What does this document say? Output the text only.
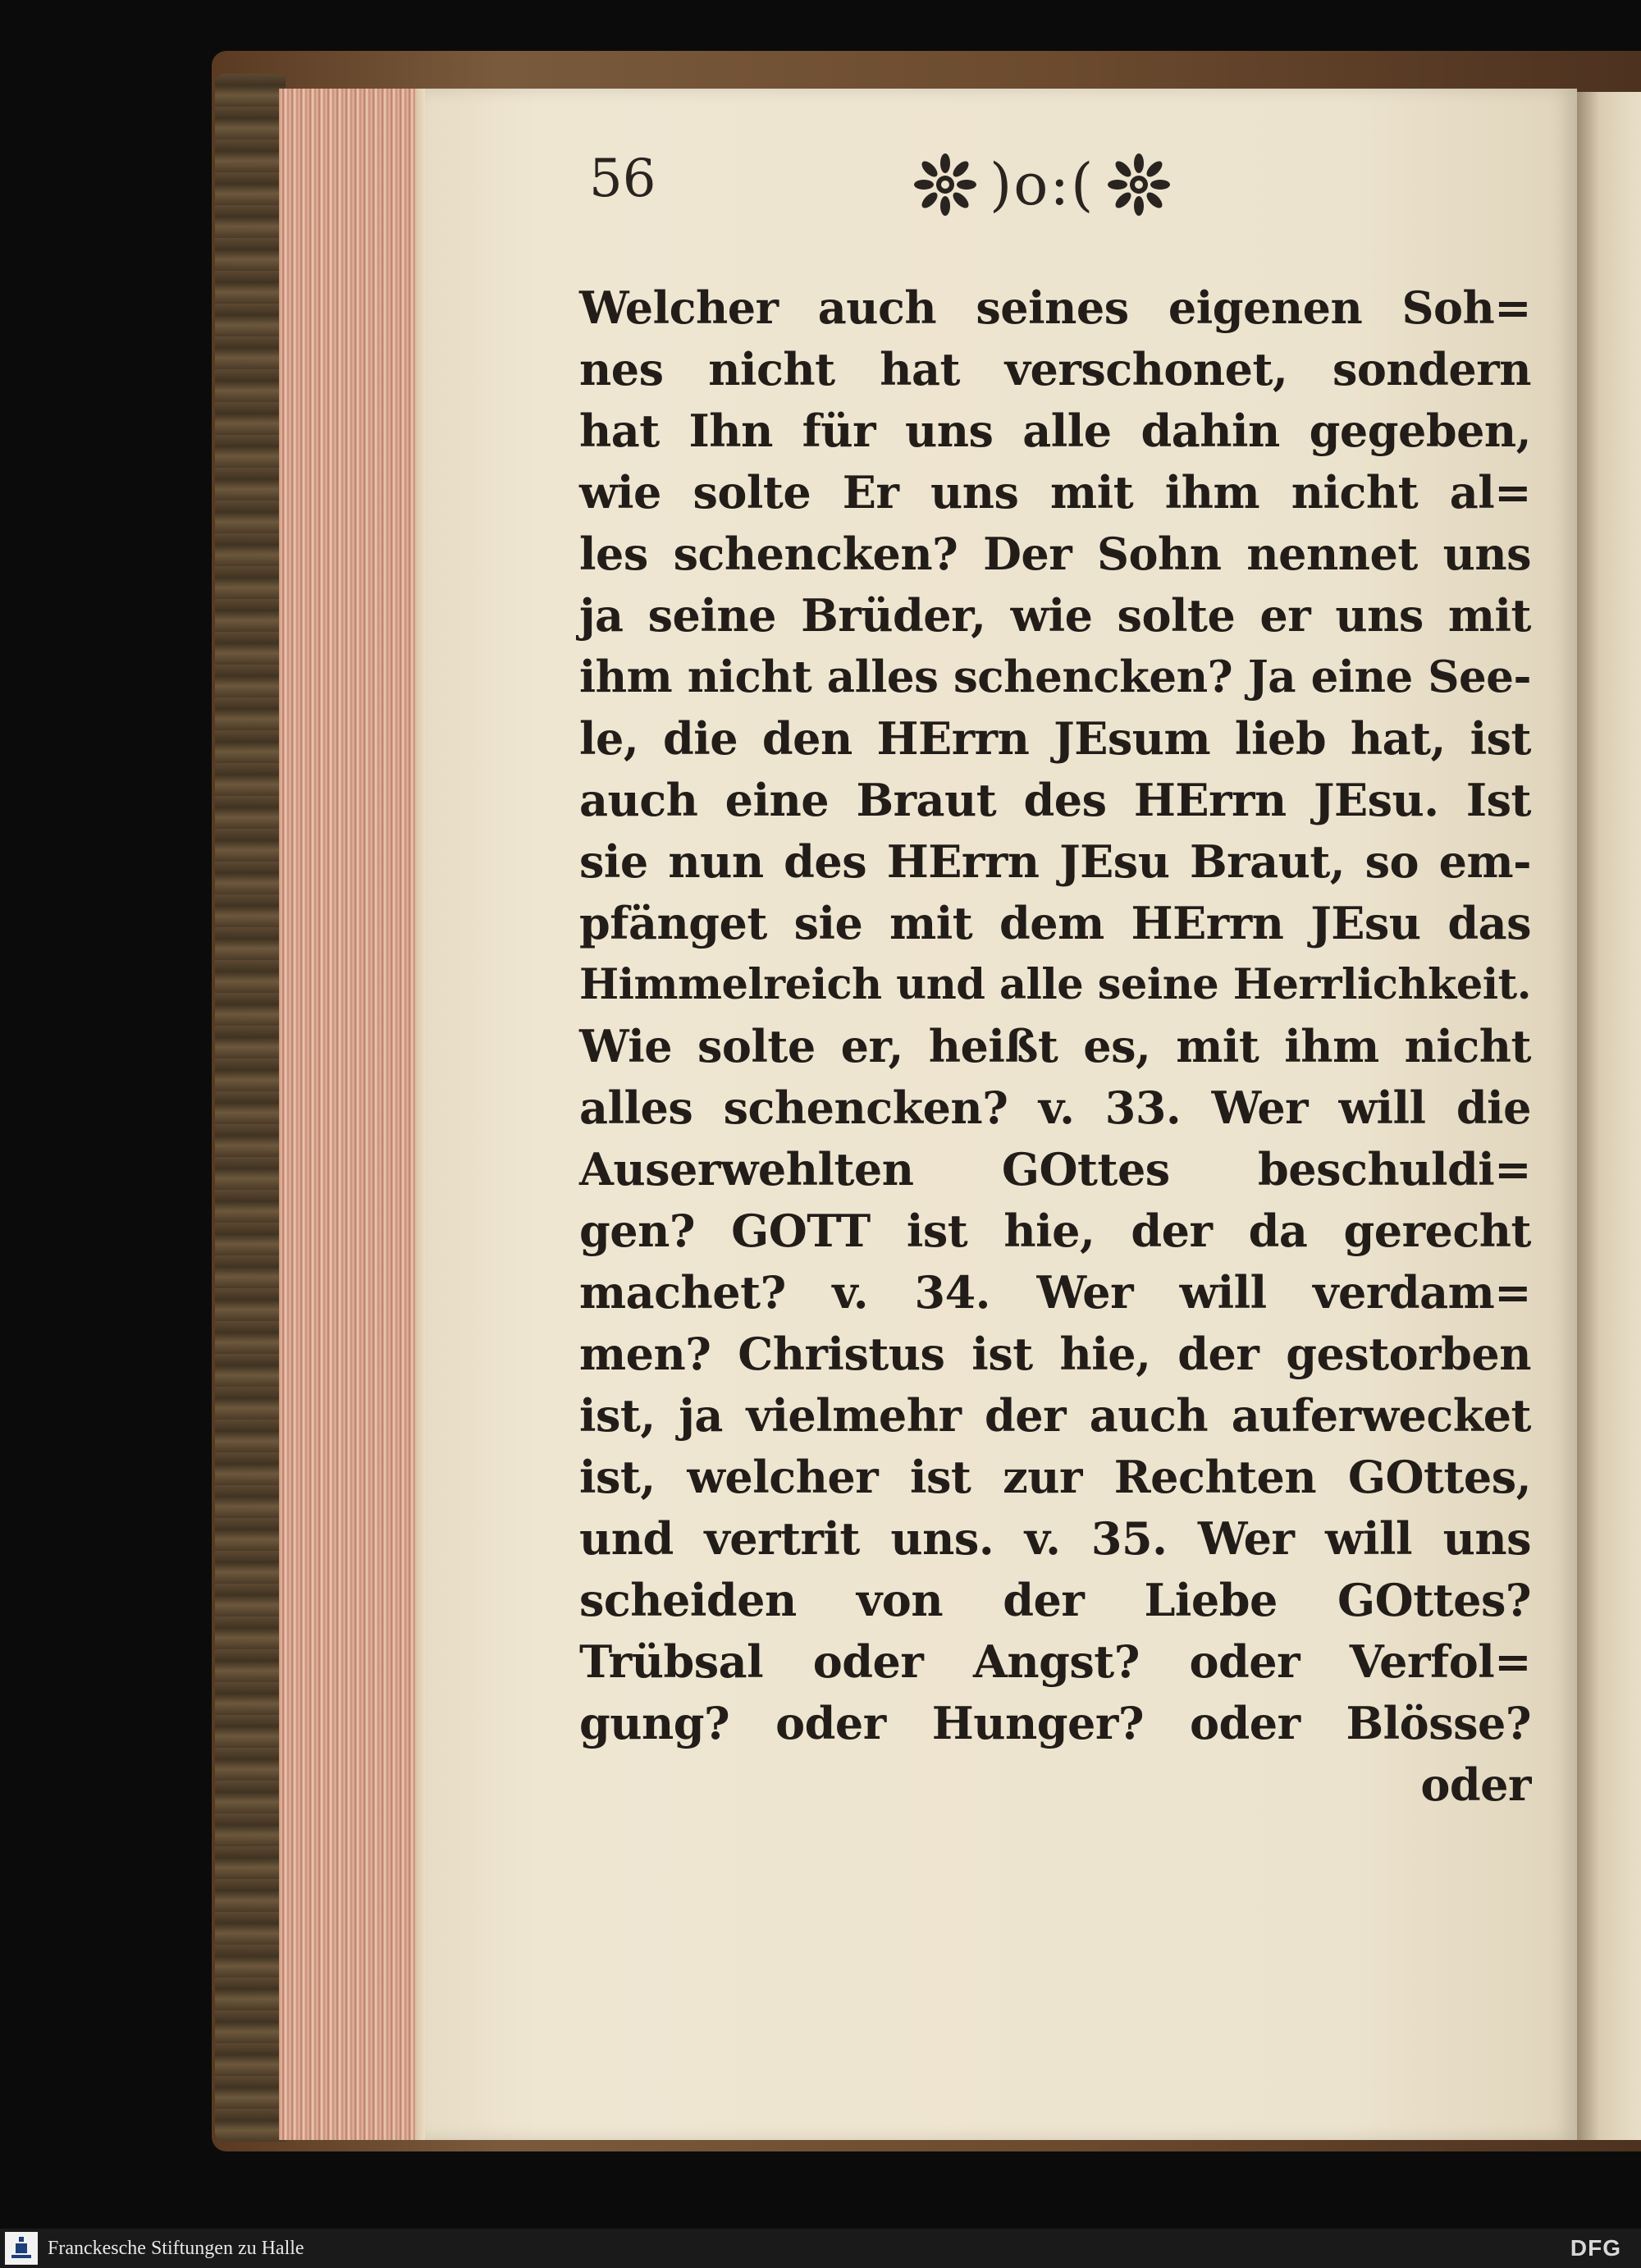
56	)o:(
Welcher auch seines eigenen Soh=
nes nicht hat verschonet, sondern
hat Ihn für uns alle dahin gegeben,
wie solte Er uns mit ihm nicht al=
les schencken? Der Sohn nennet uns
ja seine Brüder, wie solte er uns mit
ihm nicht alles schencken? Ja eine See-
le, die den HErrn JEsum lieb hat, ist
auch eine Braut des HErrn JEsu. Ist
sie nun des HErrn JEsu Braut, so em-
pfänget sie mit dem HErrn JEsu das
Himmelreich und alle seine Herrlichkeit.
Wie solte er, heißt es, mit ihm nicht
alles schencken? v. 33. Wer will die
Auserwehlten GOttes beschuldi=
gen? GOTT ist hie, der da gerecht
machet? v. 34. Wer will verdam=
men? Christus ist hie, der gestorben
ist, ja vielmehr der auch auferwecket
ist, welcher ist zur Rechten GOttes,
und vertrit uns. v. 35. Wer will uns
scheiden von der Liebe GOttes?
Trübsal oder Angst? oder Verfol=
gung? oder Hunger? oder Blösse?
oder
Franckesche Stiftungen zu Halle	DFG
